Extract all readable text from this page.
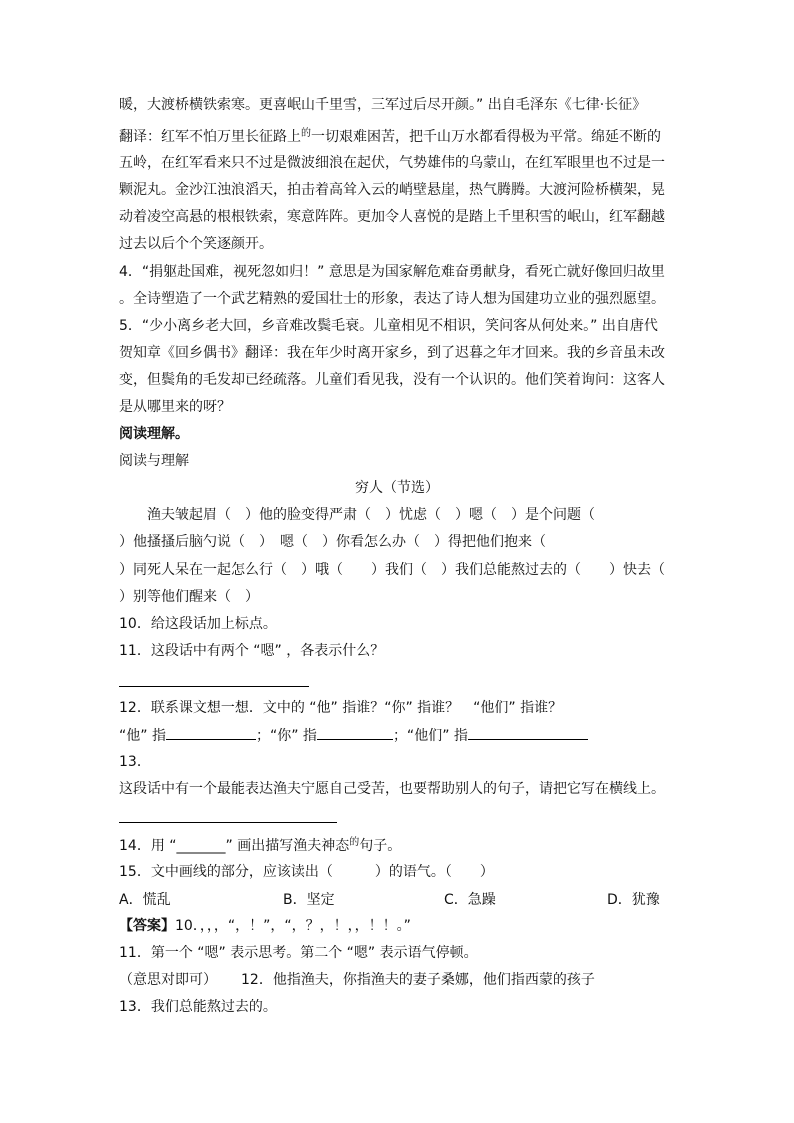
暖，大渡桥横铁索寒。更喜岷山千里雪，三军过后尽开颜。” 出自毛泽东《七律·长征》
翻译：红军不怕万里长征路上$^的$一切艰难困苦，把千山万水都看得极为平常。绵延不断的
五岭，在红军看来只不过是微波细浪在起伏，气势雄伟的乌蒙山，在红军眼里也不过是一
颗泥丸。金沙江浊浪滔天，拍击着高耸入云的峭壁悬崖，热气腾腾。大渡河险桥横架，晃
动着凌空高悬的根根铁索，寒意阵阵。更加令人喜悦的是踏上千里积雪的岷山，红军翻越
过去以后个个笑逐颜开。
4．“捐躯赴国难，视死忽如归！” 意思是为国家解危难奋勇献身，看死亡就好像回归故里
。全诗塑造了一个武艺精熟的爱国壮士的形象，表达了诗人想为国建功立业的强烈愿望。
5．“少小离乡老大回，乡音难改鬓毛衰。儿童相见不相识，笑问客从何处来。” 出自唐代
贺知章《回乡偶书》翻译：我在年少时离开家乡，到了迟暮之年才回来。我的乡音虽未改
变，但鬓角的毛发却已经疏落。儿童们看见我，没有一个认识的。他们笑着询问：这客人
是从哪里来的呀？
阅读理解。
阅读与理解
穷人（节选）
渔夫皱起眉（　）他的脸变得严肃（　）忧虑（　）嗯（　）是个问题（
）他搔搔后脑勺说（　）　嗯（　）你看怎么办（　）得把他们抱来（
）同死人呆在一起怎么行（　）哦（　　）我们（　）我们总能熬过去的（　　）快去（
）别等他们醒来（　）
10．给这段话加上标点。
11．这段话中有两个 “嗯” ，各表示什么？
12．联系课文想一想．文中的 “他” 指谁？“你” 指谁？　“他们” 指谁？
“他” 指	；“你” 指	；“他们” 指
13．
这段话中有一个最能表达渔夫宁愿自己受苦，也要帮助别人的句子，请把它写在横线上。
14．用 “_______” 画出描写渔夫神态$^的$句子。
15．文中画线的部分，应该读出（　　　）的语气。（　　）
A．慌乱	B．坚定	C．急躁	D．犹豫
【答案】10．，，，“，！”，“，？，！，，！！。”
11．第一个 “嗯” 表示思考。第二个 “嗯” 表示语气停顿。
（意思对即可） 12．他指渔夫，你指渔夫的妻子桑娜，他们指西蒙的孩子
13．我们总能熬过去的。
